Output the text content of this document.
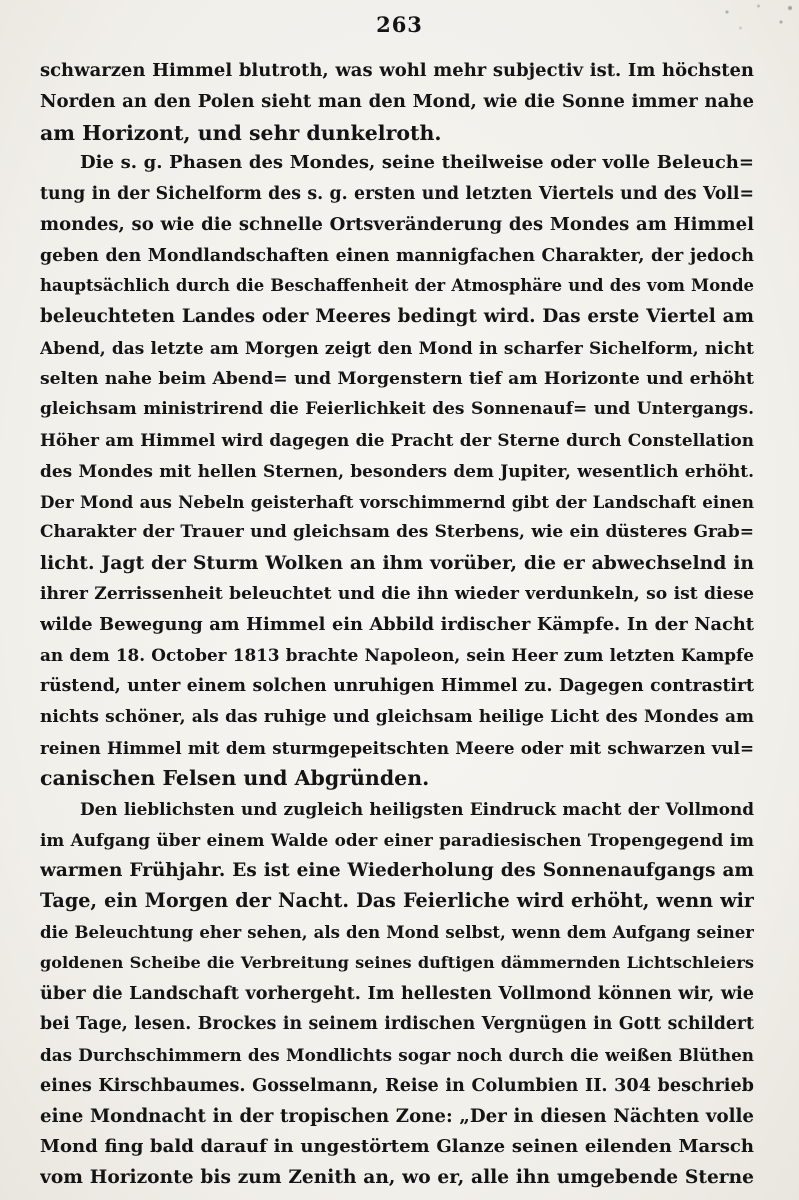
263
schwarzen Himmel blutroth, was wohl mehr subjectiv ist. Im höchsten
Norden an den Polen sieht man den Mond, wie die Sonne immer nahe
am Horizont, und sehr dunkelroth.
Die s. g. Phasen des Mondes, seine theilweise oder volle Beleuch=
tung in der Sichelform des s. g. ersten und letzten Viertels und des Voll=
mondes, so wie die schnelle Ortsveränderung des Mondes am Himmel
geben den Mondlandschaften einen mannigfachen Charakter, der jedoch
hauptsächlich durch die Beschaffenheit der Atmosphäre und des vom Monde
beleuchteten Landes oder Meeres bedingt wird. Das erste Viertel am
Abend, das letzte am Morgen zeigt den Mond in scharfer Sichelform, nicht
selten nahe beim Abend= und Morgenstern tief am Horizonte und erhöht
gleichsam ministrirend die Feierlichkeit des Sonnenauf= und Untergangs.
Höher am Himmel wird dagegen die Pracht der Sterne durch Constellation
des Mondes mit hellen Sternen, besonders dem Jupiter, wesentlich erhöht.
Der Mond aus Nebeln geisterhaft vorschimmernd gibt der Landschaft einen
Charakter der Trauer und gleichsam des Sterbens, wie ein düsteres Grab=
licht. Jagt der Sturm Wolken an ihm vorüber, die er abwechselnd in
ihrer Zerrissenheit beleuchtet und die ihn wieder verdunkeln, so ist diese
wilde Bewegung am Himmel ein Abbild irdischer Kämpfe. In der Nacht
an dem 18. October 1813 brachte Napoleon, sein Heer zum letzten Kampfe
rüstend, unter einem solchen unruhigen Himmel zu. Dagegen contrastirt
nichts schöner, als das ruhige und gleichsam heilige Licht des Mondes am
reinen Himmel mit dem sturmgepeitschten Meere oder mit schwarzen vul=
canischen Felsen und Abgründen.
Den lieblichsten und zugleich heiligsten Eindruck macht der Vollmond
im Aufgang über einem Walde oder einer paradiesischen Tropengegend im
warmen Frühjahr. Es ist eine Wiederholung des Sonnenaufgangs am
Tage, ein Morgen der Nacht. Das Feierliche wird erhöht, wenn wir
die Beleuchtung eher sehen, als den Mond selbst, wenn dem Aufgang seiner
goldenen Scheibe die Verbreitung seines duftigen dämmernden Lichtschleiers
über die Landschaft vorhergeht. Im hellesten Vollmond können wir, wie
bei Tage, lesen. Brockes in seinem irdischen Vergnügen in Gott schildert
das Durchschimmern des Mondlichts sogar noch durch die weißen Blüthen
eines Kirschbaumes. Gosselmann, Reise in Columbien II. 304 beschrieb
eine Mondnacht in der tropischen Zone: „Der in diesen Nächten volle
Mond fing bald darauf in ungestörtem Glanze seinen eilenden Marsch
vom Horizonte bis zum Zenith an, wo er, alle ihn umgebende Sterne
